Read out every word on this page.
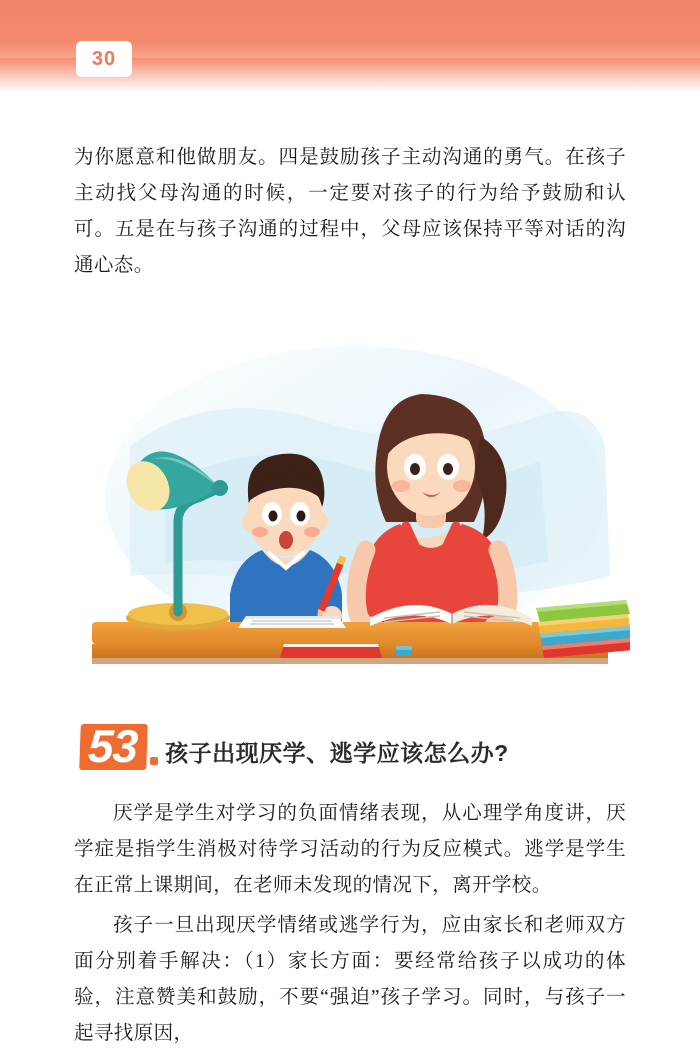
30

为你愿意和他做朋友。四是鼓励孩子主动沟通的勇气。在孩子主动找父母沟通的时候，一定要对孩子的行为给予鼓励和认可。五是在与孩子沟通的过程中，父母应该保持平等对话的沟通心态。

53	孩子出现厌学、逃学应该怎么办?

厌学是学生对学习的负面情绪表现，从心理学角度讲，厌学症是指学生消极对待学习活动的行为反应模式。逃学是学生在正常上课期间，在老师未发现的情况下，离开学校。

孩子一旦出现厌学情绪或逃学行为，应由家长和老师双方面分别着手解决：（1）家长方面：要经常给孩子以成功的体验，注意赞美和鼓励，不要“强迫”孩子学习。同时，与孩子一起寻找原因，
